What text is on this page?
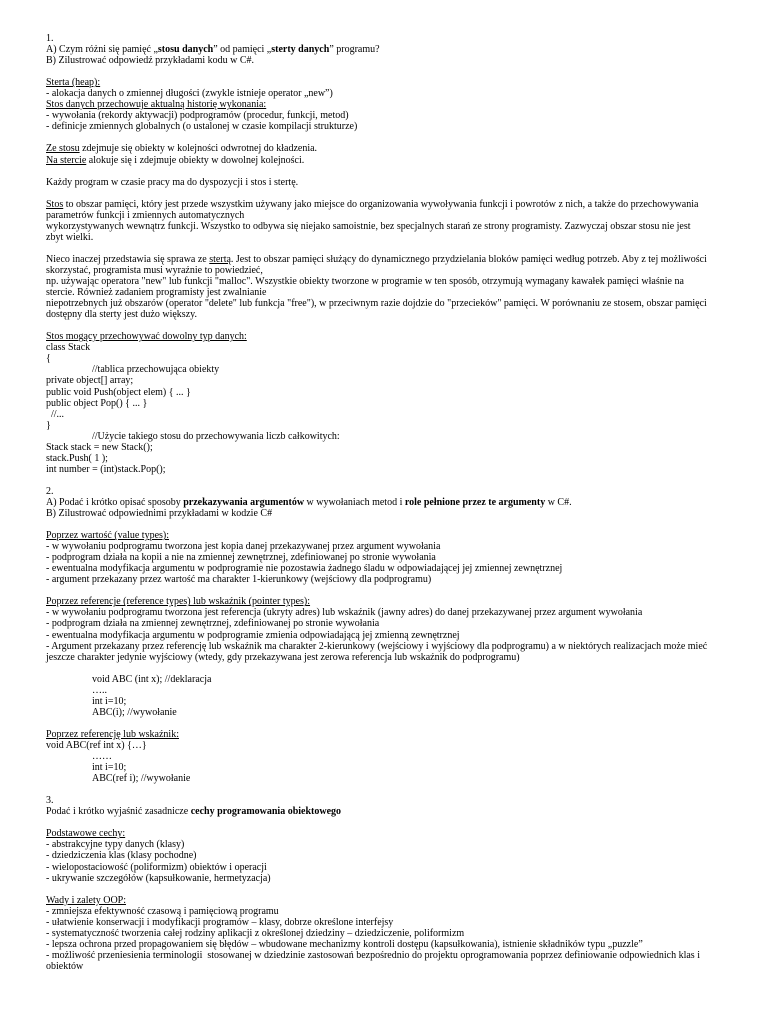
1.
A) Czym różni się pamięć „stosu danych” od pamięci „sterty danych” programu?
B) Zilustrować odpowiedź przykładami kodu w C#.
Sterta (heap):
- alokacja danych o zmiennej długości (zwykle istnieje operator „new”)
Stos danych przechowuje aktualną historię wykonania:
- wywołania (rekordy aktywacji) podprogramów (procedur, funkcji, metod)
- definicje zmiennych globalnych (o ustalonej w czasie kompilacji strukturze)
Ze stosu zdejmuje się obiekty w kolejności odwrotnej do kładzenia.
Na stercie alokuje się i zdejmuje obiekty w dowolnej kolejności.
Każdy program w czasie pracy ma do dyspozycji i stos i stertę.
Stos to obszar pamięci, który jest przede wszystkim używany jako miejsce do organizowania wywoływania funkcji i powrotów z nich, a także do przechowywania
parametrów funkcji i zmiennych automatycznych
wykorzystywanych wewnątrz funkcji. Wszystko to odbywa się niejako samoistnie, bez specjalnych starań ze strony programisty. Zazwyczaj obszar stosu nie jest
zbyt wielki.
Nieco inaczej przedstawia się sprawa ze stertą. Jest to obszar pamięci służący do dynamicznego przydzielania bloków pamięci według potrzeb. Aby z tej możliwości
skorzystać, programista musi wyraźnie to powiedzieć,
np. używając operatora "new" lub funkcji "malloc". Wszystkie obiekty tworzone w programie w ten sposób, otrzymują wymagany kawałek pamięci właśnie na
stercie. Również zadaniem programisty jest zwalnianie
niepotrzebnych już obszarów (operator "delete" lub funkcja "free"), w przeciwnym razie dojdzie do "przecieków" pamięci. W porównaniu ze stosem, obszar pamięci
dostępny dla sterty jest dużo większy.
Stos mogący przechowywać dowolny typ danych:
class Stack
{
//tablica przechowująca obiekty
private object[] array;
public void Push(object elem) { ... }
public object Pop() { ... }
//...
}
//Użycie takiego stosu do przechowywania liczb całkowitych:
Stack stack = new Stack();
stack.Push( 1 );
int number = (int)stack.Pop();
2.
A) Podać i krótko opisać sposoby przekazywania argumentów w wywołaniach metod i role pełnione przez te argumenty w C#.
B) Zilustrować odpowiednimi przykładami w kodzie C#
Poprzez wartość (value types):
- w wywołaniu podprogramu tworzona jest kopia danej przekazywanej przez argument wywołania
- podprogram działa na kopii a nie na zmiennej zewnętrznej, zdefiniowanej po stronie wywołania
- ewentualna modyfikacja argumentu w podprogramie nie pozostawia żadnego śladu w odpowiadającej jej zmiennej zewnętrznej
- argument przekazany przez wartość ma charakter 1-kierunkowy (wejściowy dla podprogramu)
Poprzez referencje (reference types) lub wskaźnik (pointer types):
- w wywołaniu podprogramu tworzona jest referencja (ukryty adres) lub wskaźnik (jawny adres) do danej przekazywanej przez argument wywołania
- podprogram działa na zmiennej zewnętrznej, zdefiniowanej po stronie wywołania
- ewentualna modyfikacja argumentu w podprogramie zmienia odpowiadającą jej zmienną zewnętrznej
- Argument przekazany przez referencję lub wskaźnik ma charakter 2-kierunkowy (wejściowy i wyjściowy dla podprogramu) a w niektórych realizacjach może mieć
jeszcze charakter jedynie wyjściowy (wtedy, gdy przekazywana jest zerowa referencja lub wskaźnik do podprogramu)
void ABC (int x); //deklaracja
…..
int i=10;
ABC(i); //wywołanie
Poprzez referencję lub wskaźnik:
void ABC(ref int x) {…}
……
int i=10;
ABC(ref i); //wywołanie
3.
Podać i krótko wyjaśnić zasadnicze cechy programowania obiektowego
Podstawowe cechy:
- abstrakcyjne typy danych (klasy)
- dziedziczenia klas (klasy pochodne)
- wielopostaciowość (poliformizm) obiektów i operacji
- ukrywanie szczegółów (kapsułkowanie, hermetyzacja)
Wady i zalety OOP:
- zmniejsza efektywność czasową i pamięciową programu
- ułatwienie konserwacji i modyfikacji programów – klasy, dobrze określone interfejsy
- systematyczność tworzenia całej rodziny aplikacji z określonej dziedziny – dziedziczenie, poliformizm
- lepsza ochrona przed propagowaniem się błędów – wbudowane mechanizmy kontroli dostępu (kapsułkowania), istnienie składników typu „puzzle”
- możliwość przeniesienia terminologii  stosowanej w dziedzinie zastosowań bezpośrednio do projektu oprogramowania poprzez definiowanie odpowiednich klas i
obiektów
